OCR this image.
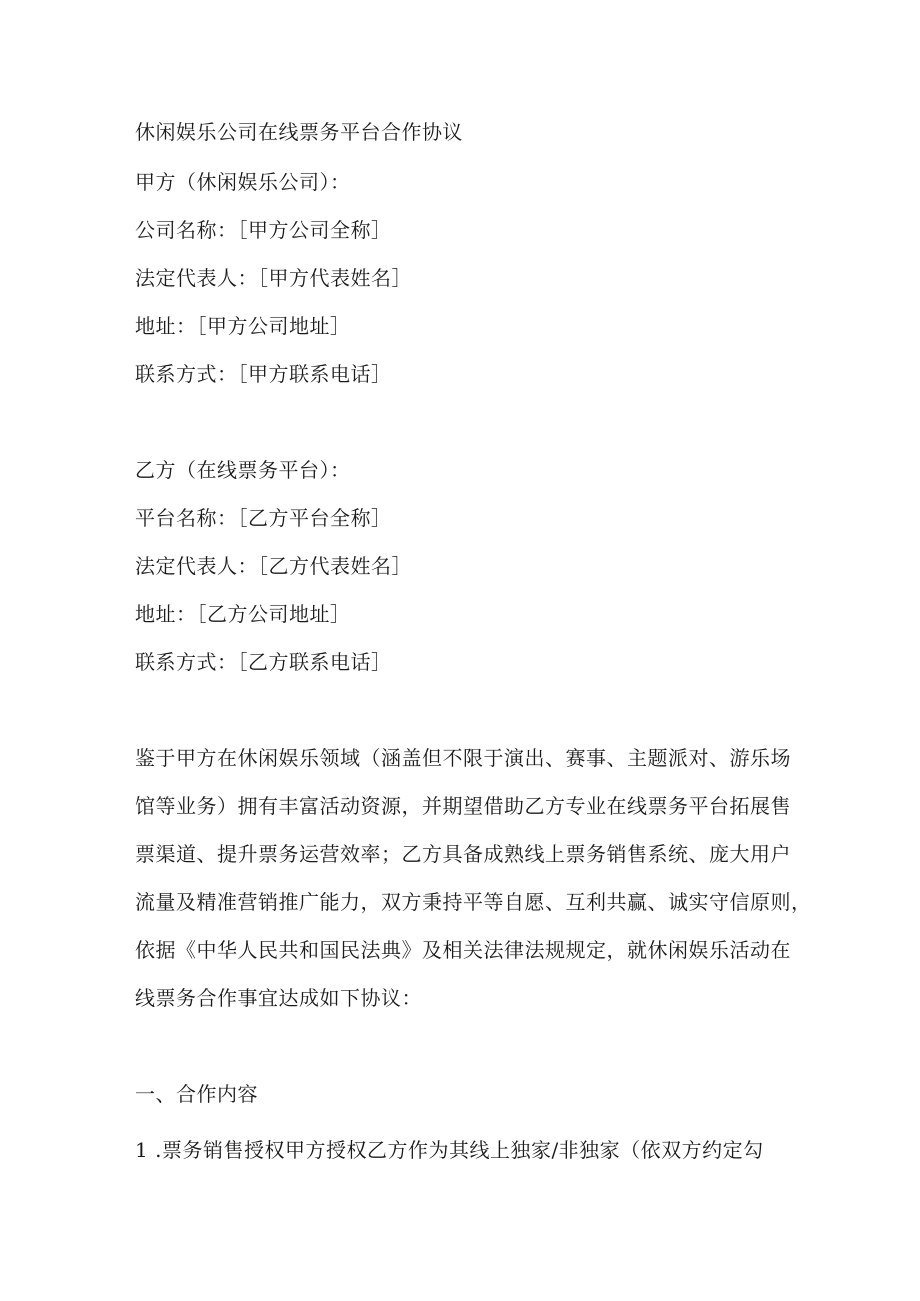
休闲娱乐公司在线票务平台合作协议
甲方（休闲娱乐公司）：
公司名称：［甲方公司全称］
法定代表人：［甲方代表姓名］
地址：［甲方公司地址］
联系方式：［甲方联系电话］
乙方（在线票务平台）：
平台名称：［乙方平台全称］
法定代表人：［乙方代表姓名］
地址：［乙方公司地址］
联系方式：［乙方联系电话］
鉴于甲方在休闲娱乐领域（涵盖但不限于演出、赛事、主题派对、游乐场
馆等业务）拥有丰富活动资源，并期望借助乙方专业在线票务平台拓展售
票渠道、提升票务运营效率；乙方具备成熟线上票务销售系统、庞大用户
流量及精准营销推广能力，双方秉持平等自愿、互利共赢、诚实守信原则，
依据《中华人民共和国民法典》及相关法律法规规定，就休闲娱乐活动在
线票务合作事宜达成如下协议：
一、合作内容
1 .票务销售授权甲方授权乙方作为其线上独家/非独家（依双方约定勾
